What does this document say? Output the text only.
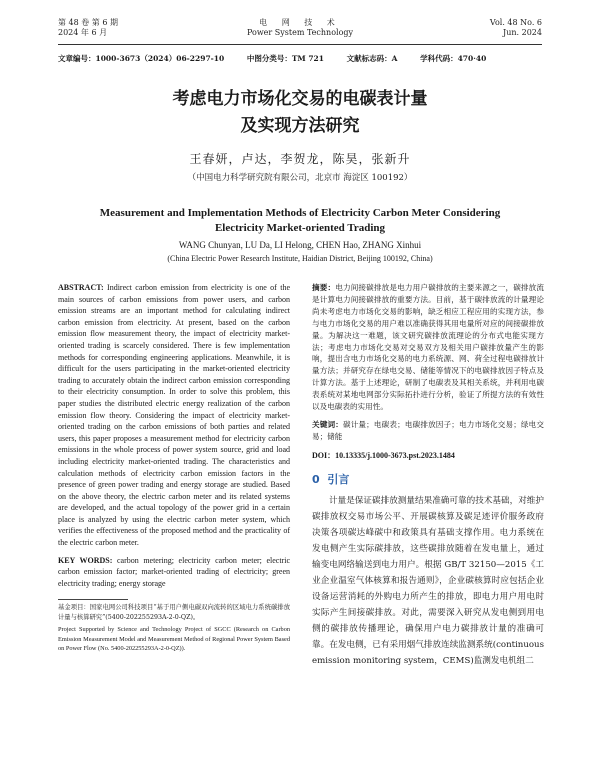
第 48 卷 第 6 期
2024 年 6 月
电 网 技 术
Power System Technology
Vol. 48 No. 6
Jun. 2024
文章编号：1000-3673（2024）06-2297-10	中图分类号：TM 721	文献标志码：A	学科代码：470·40
考虑电力市场化交易的电碳表计量
及实现方法研究
王春妍，卢达，李贺龙，陈昊，张新升
（中国电力科学研究院有限公司，北京市 海淀区 100192）
Measurement and Implementation Methods of Electricity Carbon Meter Considering
Electricity Market-oriented Trading
WANG Chunyan, LU Da, LI Helong, CHEN Hao, ZHANG Xinhui
(China Electric Power Research Institute, Haidian District, Beijing 100192, China)

ABSTRACT: Indirect carbon emission from electricity is one of the main sources of carbon emissions from power users, and carbon emission streams are an important method for calculating indirect carbon emission from electricity. At present, based on the carbon emission flow measurement theory, the impact of electricity market-oriented trading is scarcely considered. There is few implementation methods for corresponding engineering applications. Meanwhile, it is difficult for the users participating in the market-oriented electricity trading to accurately obtain the indirect carbon emission corresponding to their electricity consumption. In order to solve this problem, this paper studies the distributed electric energy realization of the carbon emission flow theory. Considering the impact of electricity market-oriented trading on the carbon emissions of both parties and related users, this paper proposes a measurement method for electricity carbon emissions in the whole process of power system source, grid and load including electricity market-oriented trading. The characteristics and calculation methods of electricity carbon emission factors in the presence of green power trading and energy storage are studied. Based on the above theory, the electric carbon meter and its related systems are developed, and the actual topology of the power grid in a certain place is analyzed by using the electric carbon meter system, which verifies the effectiveness of the proposed method and the practicality of the electric carbon meter.

KEY WORDS: carbon metering; electricity carbon meter; electric carbon emission factor; market-oriented trading of electricity; green electricity trading; energy storage

基金项目：国家电网公司科技项目“基于用户侧电碳双向流转的区域电力系统碳排放计量与核算研究”(5400-202255293A-2-0-QZ)。
Project Supported by Science and Technology Project of SGCC (Research on Carbon Emission Measurement Model and Measurement Method of Regional Power System Based on Power Flow (No. 5400-202255293A-2-0-QZ)).

摘要：电力间接碳排放是电力用户碳排放的主要来源之一，碳排放流是计算电力间接碳排放的重要方法。目前，基于碳排放流的计量理论尚未考虑电力市场化交易的影响，缺乏相应工程应用的实现方法，参与电力市场化交易的用户难以准确获得其用电量所对应的间接碳排放量。为解决这一难题，该文研究碳排放流理论的分布式电能实现方法；考虑电力市场化交易对交易双方及相关用户碳排放量产生的影响，提出含电力市场化交易的电力系统源、网、荷全过程电碳排放计量方法；并研究存在绿电交易、储能等情况下的电碳排放因子特点及计算方法。基于上述理论，研制了电碳表及其相关系统，并利用电碳表系统对某地电网部分实际拓扑进行分析，验证了所提方法的有效性以及电碳表的实用性。

关键词：碳计量；电碳表；电碳排放因子；电力市场化交易；绿电交易；储能

DOI：10.13335/j.1000-3673.pst.2023.1484
0 引言

计量是保证碳排放测量结果准确可靠的技术基础，对维护碳排放权交易市场公平、开展碳核算及碳足迹评价服务政府决策各项碳达峰碳中和政策具有基础支撑作用。电力系统在发电侧产生实际碳排放，这些碳排放随着在发电量上，通过输变电网络输送到电力用户。根据 GB/T 32150—2015《工业企业温室气体核算和报告通则》，企业碳核算时应包括企业设备运营消耗的外购电力所产生的排放，即电力用户用电时实际产生间接碳排放。对此，需要深入研究从发电侧到用电侧的碳排放传播理论，确保用户电力碳排放计量的准确可靠。在发电侧，已有采用烟气排放连续监测系统(continuous emission monitoring system，CEMS)监测发电机组二
